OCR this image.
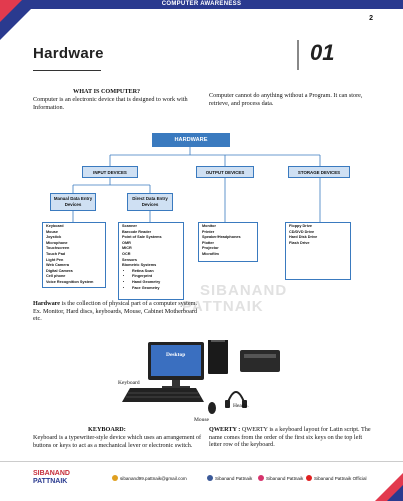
COMPUTER AWARENESS
2
Hardware	01
WHAT IS COMPUTER?
Computer is an electronic device that is designed to work with Information.
Computer cannot do anything without a Program. It can store, retrieve, and process data.
HARDWARE
INPUT DEVICES	OUTPUT DEVICES	STORAGE DEVICES
Manual Data Entry Devices
Direct Data Entry Devices
Keyboard
Mouse
Joystick
Microphone
Touchscreen
Touch Pad
Light Pen
Web Camera
Digital Camera
Cell phone
Voice Recognition System
Scanner
Barcode Reader
Point of Sale Systems
OMR
MICR
OCR
Sensors
Biometric Systems
• Retina Scan
• Fingerprint
• Hand Geometry
• Face Geometry
Monitor
Printer
Speaker/Headphones
Plotter
Projector
Microfilm
Floppy Drive
CD/DVD Drive
Hard Disk Drive
Flash Drive
SIBANAND
PATTNAIK
Hardware is the collection of physical part of a computer system. Ex. Monitor, Hard discs, keyboards, Mouse, Cabinet Motherboard etc.
Desktop
Keyboard
Mouse
Headp.
KEYBOARD:
Keyboard is a typewriter-style device which uses an arrangement of buttons or keys to act as a mechanical lever or electronic switch.
QWERTY : QWERTY is a keyboard layout for Latin script. The name comes from the order of the first six keys on the top left letter row of the keyboard.
SIBANAND
PATTNAIK	sibanand99.pattnaik@gmail.com	Sibanand Pattnaik	Sibanand Pattnaik Sibanand Pattnaik Official
